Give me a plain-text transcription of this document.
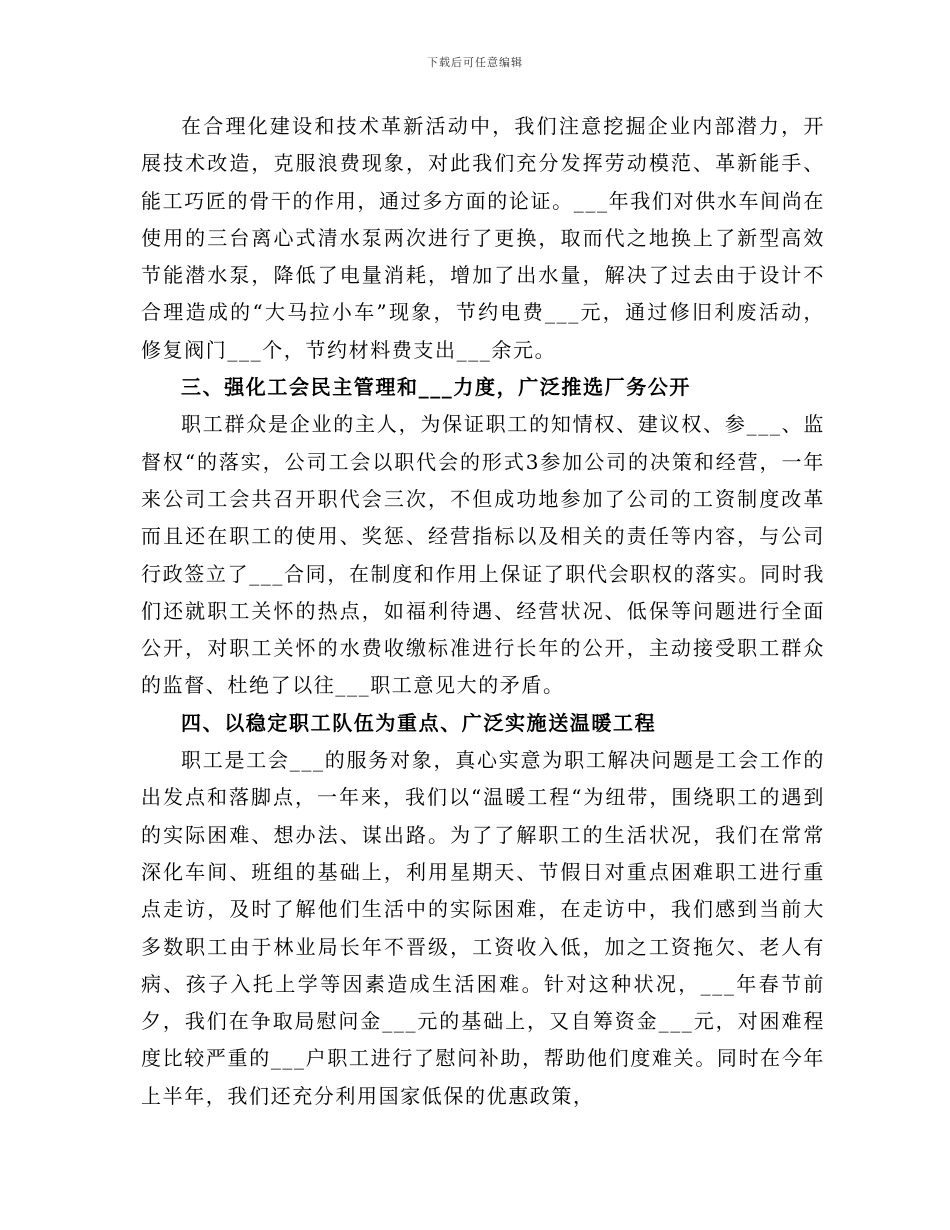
下载后可任意编辑

在合理化建设和技术革新活动中，我们注意挖掘企业内部潜力，开展技术改造，克服浪费现象，对此我们充分发挥劳动模范、革新能手、能工巧匠的骨干的作用，通过多方面的论证。___年我们对供水车间尚在使用的三台离心式清水泵两次进行了更换，取而代之地换上了新型高效节能潜水泵，降低了电量消耗，增加了出水量，解决了过去由于设计不合理造成的“大马拉小车”现象，节约电费___元，通过修旧利废活动，修复阀门___个，节约材料费支出___余元。

三、强化工会民主管理和___力度，广泛推选厂务公开

职工群众是企业的主人，为保证职工的知情权、建议权、参___、监督权“的落实，公司工会以职代会的形式3参加公司的决策和经营，一年来公司工会共召开职代会三次，不但成功地参加了公司的工资制度改革而且还在职工的使用、奖惩、经营指标以及相关的责任等内容，与公司行政签立了___合同，在制度和作用上保证了职代会职权的落实。同时我们还就职工关怀的热点，如福利待遇、经营状况、低保等问题进行全面公开，对职工关怀的水费收缴标准进行长年的公开，主动接受职工群众的监督、杜绝了以往___职工意见大的矛盾。

四、以稳定职工队伍为重点、广泛实施送温暖工程

职工是工会___的服务对象，真心实意为职工解决问题是工会工作的出发点和落脚点，一年来，我们以“温暖工程“为纽带，围绕职工的遇到的实际困难、想办法、谋出路。为了了解职工的生活状况，我们在常常深化车间、班组的基础上，利用星期天、节假日对重点困难职工进行重点走访，及时了解他们生活中的实际困难，在走访中，我们感到当前大多数职工由于林业局长年不晋级，工资收入低，加之工资拖欠、老人有病、孩子入托上学等因素造成生活困难。针对这种状况，___年春节前夕，我们在争取局慰问金___元的基础上，又自筹资金___元，对困难程度比较严重的___户职工进行了慰问补助，帮助他们度难关。同时在今年上半年，我们还充分利用国家低保的优惠政策，
